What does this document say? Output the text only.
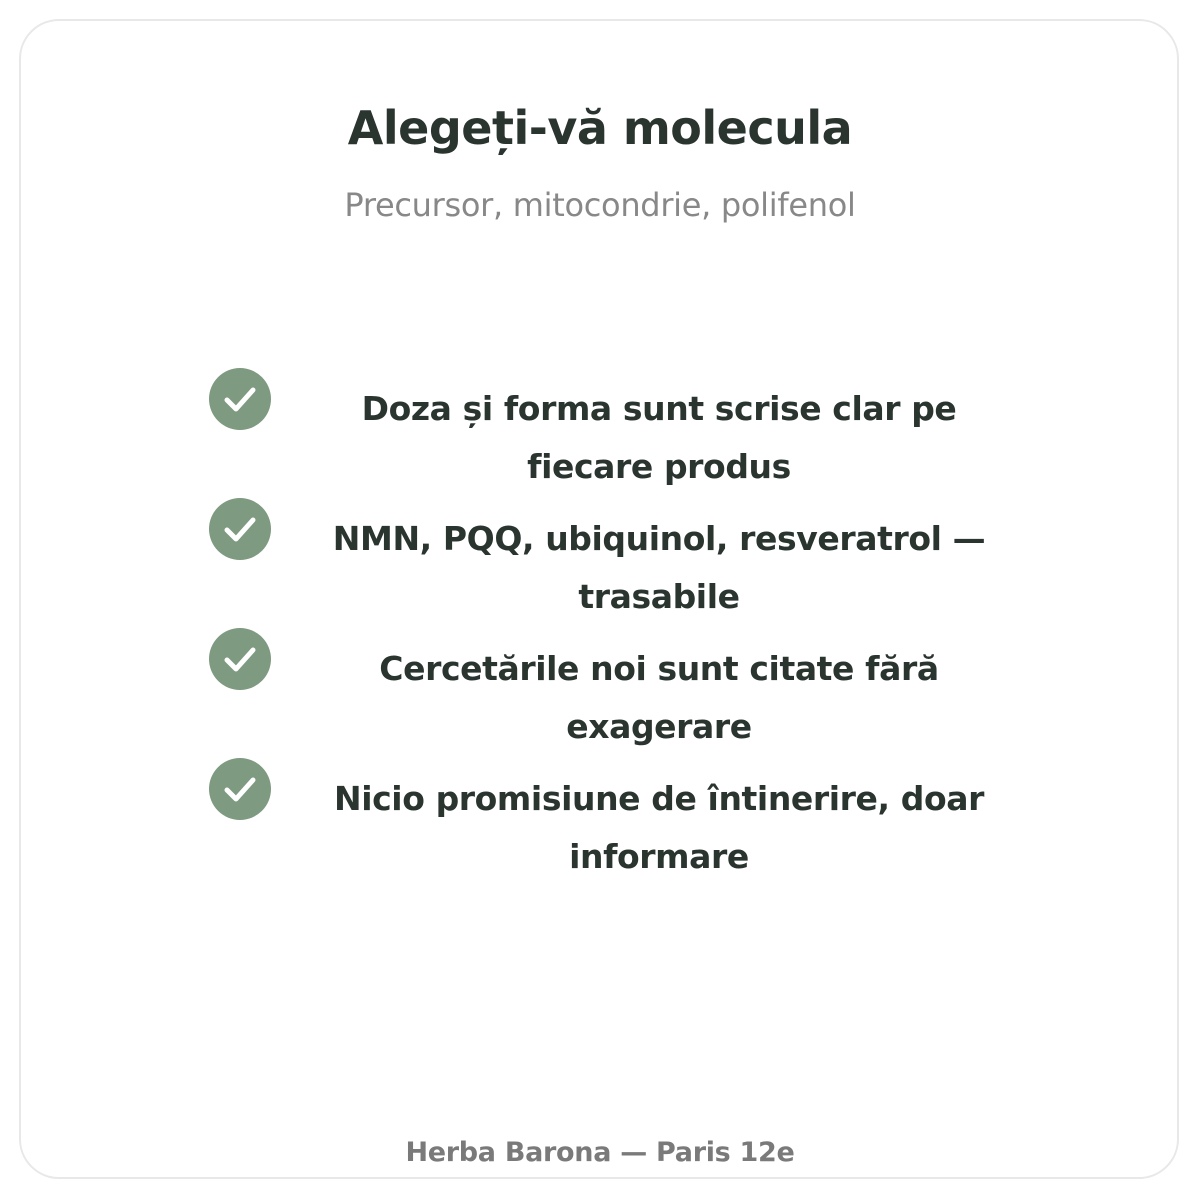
Alegeți-vă molecula
Precursor, mitocondrie, polifenol
Doza și forma sunt scrise clar pe fiecare produs
NMN, PQQ, ubiquinol, resveratrol — trasabile
Cercetările noi sunt citate fără exagerare
Nicio promisiune de întinerire, doar informare
Herba Barona — Paris 12e
